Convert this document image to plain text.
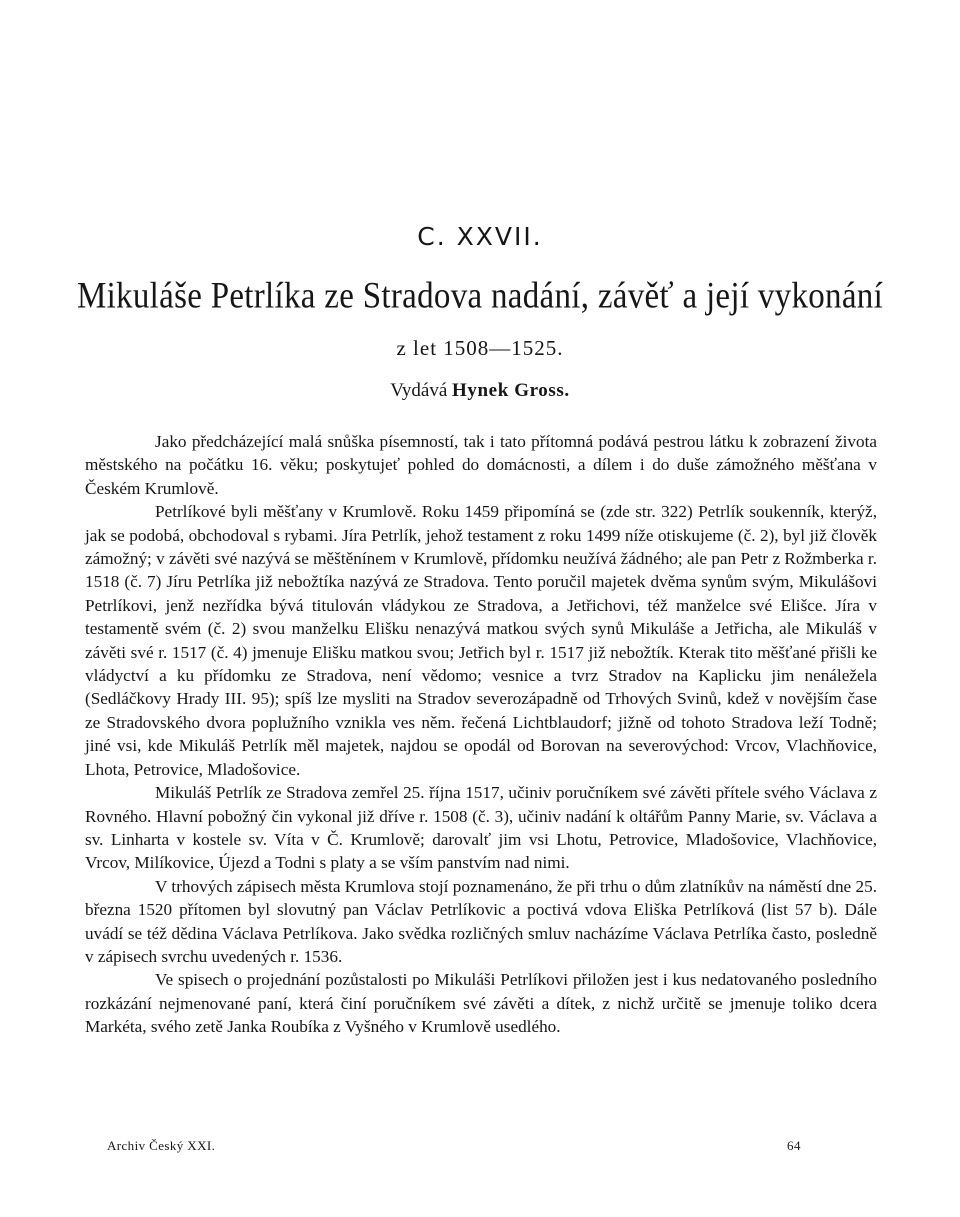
C. XXVII.
Mikuláše Petrlíka ze Stradova nadání, závěť a její vykonání
z let 1508—1525.
Vydává Hynek Gross.

Jako předcházející malá snůška písemností, tak i tato přítomná podává pestrou látku k zobrazení života městského na počátku 16. věku; poskytujeť pohled do domácnosti, a dílem i do duše zámožného měšťana v Českém Krumlově.

Petrlíkové byli měšťany v Krumlově. Roku 1459 připomíná se (zde str. 322) Petrlík soukenník, kterýž, jak se podobá, obchodoval s rybami. Jíra Petrlík, jehož testament z roku 1499 níže otiskujeme (č. 2), byl již člověk zámožný; v závěti své nazývá se měštěnínem v Krumlově, přídomku neužívá žádného; ale pan Petr z Rožmberka r. 1518 (č. 7) Jíru Petrlíka již nebožtíka nazývá ze Stradova. Tento poručil majetek dvěma synům svým, Mikulášovi Petrlíkovi, jenž nezřídka bývá titulován vládykou ze Stradova, a Jetřichovi, též manželce své Elišce. Jíra v testamentě svém (č. 2) svou manželku Elišku nenazývá matkou svých synů Mikuláše a Jetřicha, ale Mikuláš v závěti své r. 1517 (č. 4) jmenuje Elišku matkou svou; Jetřich byl r. 1517 již nebožtík. Kterak tito měšťané přišli ke vládyctví a ku přídomku ze Stradova, není vědomo; vesnice a tvrz Stradov na Kaplicku jim nenáležela (Sedláčkovy Hrady III. 95); spíš lze mysliti na Stradov severozápadně od Trhových Svinů, kdež v novějším čase ze Stradovského dvora poplužního vznikla ves něm. řečená Lichtblaudorf; jižně od tohoto Stradova leží Todně; jiné vsi, kde Mikuláš Petrlík měl majetek, najdou se opodál od Borovan na severovýchod: Vrcov, Vlachňovice, Lhota, Petrovice, Mladošovice.

Mikuláš Petrlík ze Stradova zemřel 25. října 1517, učiniv poručníkem své závěti přítele svého Václava z Rovného. Hlavní pobožný čin vykonal již dříve r. 1508 (č. 3), učiniv nadání k oltářům Panny Marie, sv. Václava a sv. Linharta v kostele sv. Víta v Č. Krumlově; darovalť jim vsi Lhotu, Petrovice, Mladošovice, Vlachňovice, Vrcov, Milíkovice, Újezd a Todni s platy a se vším panstvím nad nimi.

V trhových zápisech města Krumlova stojí poznamenáno, že při trhu o dům zlatníkův na náměstí dne 25. března 1520 přítomen byl slovutný pan Václav Petrlíkovic a poctivá vdova Eliška Petrlíková (list 57 b). Dále uvádí se též dědina Václava Petrlíkova. Jako svědka rozličných smluv nacházíme Václava Petrlíka často, posledně v zápisech svrchu uvedených r. 1536.

Ve spisech o projednání pozůstalosti po Mikuláši Petrlíkovi přiložen jest i kus nedatovaného posledního rozkázání nejmenované paní, která činí poručníkem své závěti a dítek, z nichž určitě se jmenuje toliko dcera Markéta, svého zetě Janka Roubíka z Vyšného v Krumlově usedlého.

Archiv Český XXI.	64
